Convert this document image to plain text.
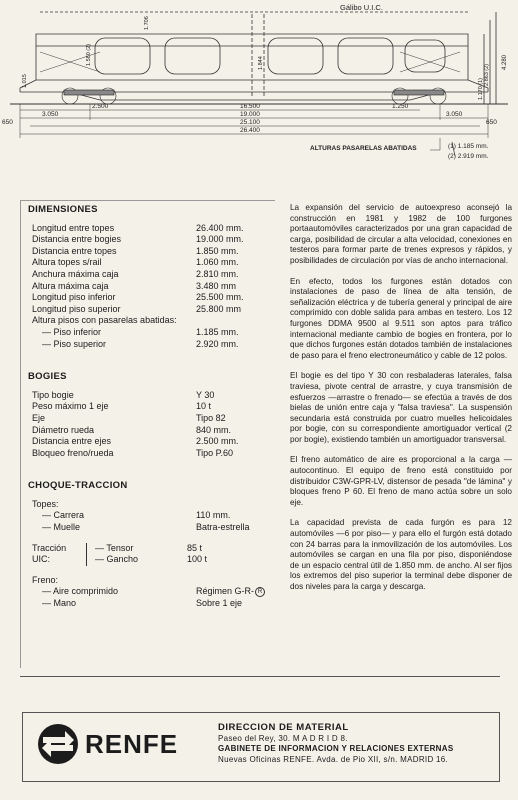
Gálibo U.I.C.
2.500	16.500	1.250
3.050	19.000	3.050
650	25.100	650
26.400
1.580 (2)
1.706
1.844
1.015	2.863 (2)
1.170 (1)
4.280
ALTURAS PASARELAS ABATIDAS	(1) 1.185 mm.
(2) 2.919 mm.
DIMENSIONES
Longitud entre topes	26.400 mm.
Distancia entre bogies	19.000 mm.
Distancia entre topes	1.850 mm.
Altura topes s/rail	1.060 mm.
Anchura máxima caja	2.810 mm.
Altura máxima caja	3.480 mm
Longitud piso inferior	25.500 mm.
Longitud piso superior	25.800 mm
Altura pisos con pasarelas abatidas:
— Piso inferior	1.185 mm.
— Piso superior	2.920 mm.
BOGIES
Tipo bogie	Y 30
Peso máximo 1 eje	10 t
Eje	Tipo 82
Diámetro rueda	840 mm.
Distancia entre ejes	2.500 mm.
Bloqueo freno/rueda	Tipo P.60
CHOQUE-TRACCION
Topes:
— Carrera	110 mm.
— Muelle	Batra-estrella
Tracción UIC:
— Tensor	85 t
— Gancho	100 t
Freno:
— Aire comprimido	Régimen G-R- R
— Mano	Sobre 1 eje

La expansión del servicio de autoexpreso aconsejó la construcción en 1981 y 1982 de 100 furgones portaautomóviles caracterizados por una gran capacidad de carga, posibilidad de circular a alta velocidad, conexiones en testeros para formar parte de trenes expresos y rápidos, y posibilidades de circulación por vías de ancho internacional.

En efecto, todos los furgones están dotados con instalaciones de paso de línea de alta tensión, de señalización eléctrica y de tubería general y principal de aire comprimido con doble salida para ambas en testero. Los 12 furgones DDMA 9500 al 9.511 son aptos para tráfico internacional mediante cambio de bogies en frontera, por lo que dichos furgones están dotados también de instalaciones de paso para el freno electroneumático y cable de 12 polos.

El bogie es del tipo Y 30 con resbaladeras laterales, falsa traviesa, pivote central de arrastre, y cuya transmisión de esfuerzos —arrastre o frenado— se efectúa a través de dos bielas de unión entre caja y "falsa traviesa". La suspensión secundaria está construida por cuatro muelles helicoidales por bogie, con su correspondiente amortiguador vertical (2 por bogie), existiendo también un amortiguador transversal.

El freno automático de aire es proporcional a la carga —autocontinuo. El equipo de freno está constituido por distribuidor C3W-GPR-LV, distensor de pesada "de lámina" y bloques freno P 60. El freno de mano actúa sobre un solo eje.

La capacidad prevista de cada furgón es para 12 automóviles —6 por piso— y para ello el furgón está dotado con 24 barras para la inmovilización de los automóviles. Los automóviles se cargan en una fila por piso, disponiéndose de un espacio central útil de 1.850 mm. de ancho. Al ser fijos los extremos del piso superior la terminal debe disponer de dos niveles para la carga y descarga.

RENFE
DIRECCION DE MATERIAL
Paseo del Rey, 30. M A D R I D 8.
GABINETE DE INFORMACION Y RELACIONES EXTERNAS
Nuevas Oficinas RENFE. Avda. de Pio XII, s/n. MADRID 16.
